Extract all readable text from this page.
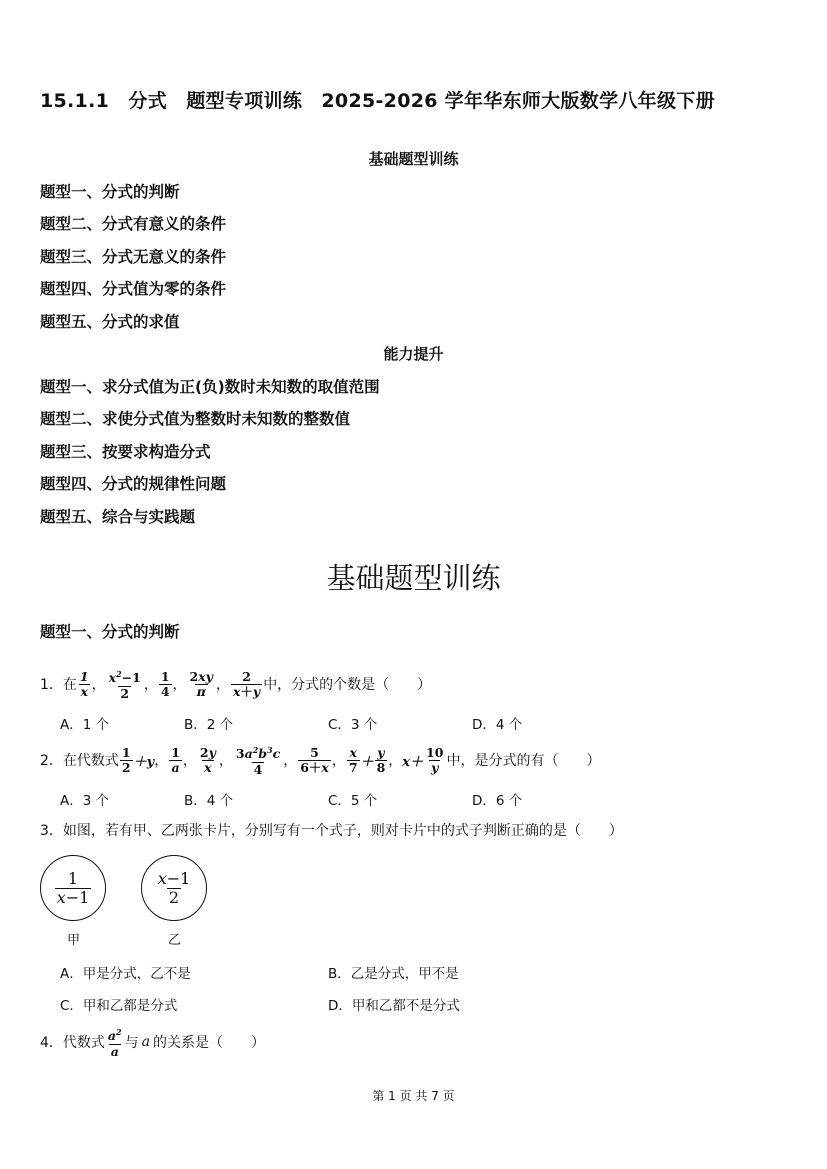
15.1.1　分式　题型专项训练　2025-2026 学年华东师大版数学八年级下册
基础题型训练
题型一、分式的判断
题型二、分式有意义的条件
题型三、分式无意义的条件
题型四、分式值为零的条件
题型五、分式的求值
能力提升
题型一、求分式值为正(负)数时未知数的取值范围
题型二、求使分式值为整数时未知数的整数值
题型三、按要求构造分式
题型四、分式的规律性问题
题型五、综合与实践题
基础题型训练
题型一、分式的判断
1．在 $\frac{1}{x}$ ， $\frac{x^2-1}{2}$ ， $\frac{1}{4}$ ， $\frac{2xy}{\pi}$ ， $\frac{2}{x+y}$ 中，分式的个数是（　　）
A．1 个	B．2 个	C．3 个	D．4 个
2．在代数式 $\frac{1}{2} +y$ ， $\frac{1}{a}$ ， $\frac{2y}{x}$ ， $\frac{3a^2b^3c}{4}$ ， $\frac{5}{6+x}$ ， $\frac{x}{7} + \frac{y}{8}$ ， $x+ \frac{10}{y}$ 中，是分式的有（　　）
A．3 个	B．4 个	C．5 个	D．6 个
3．如图，若有甲、乙两张卡片，分别写有一个式子，则对卡片中的式子判断正确的是（　　）
$\frac{1}{x-1}$	$\frac{x-1}{2}$
甲	乙
A．甲是分式，乙不是	B．乙是分式，甲不是
C．甲和乙都是分式	D．甲和乙都不是分式
4．代数式 $\frac{a^2}{a}$ 与 a 的关系是（　　）
第 1 页 共 7 页
